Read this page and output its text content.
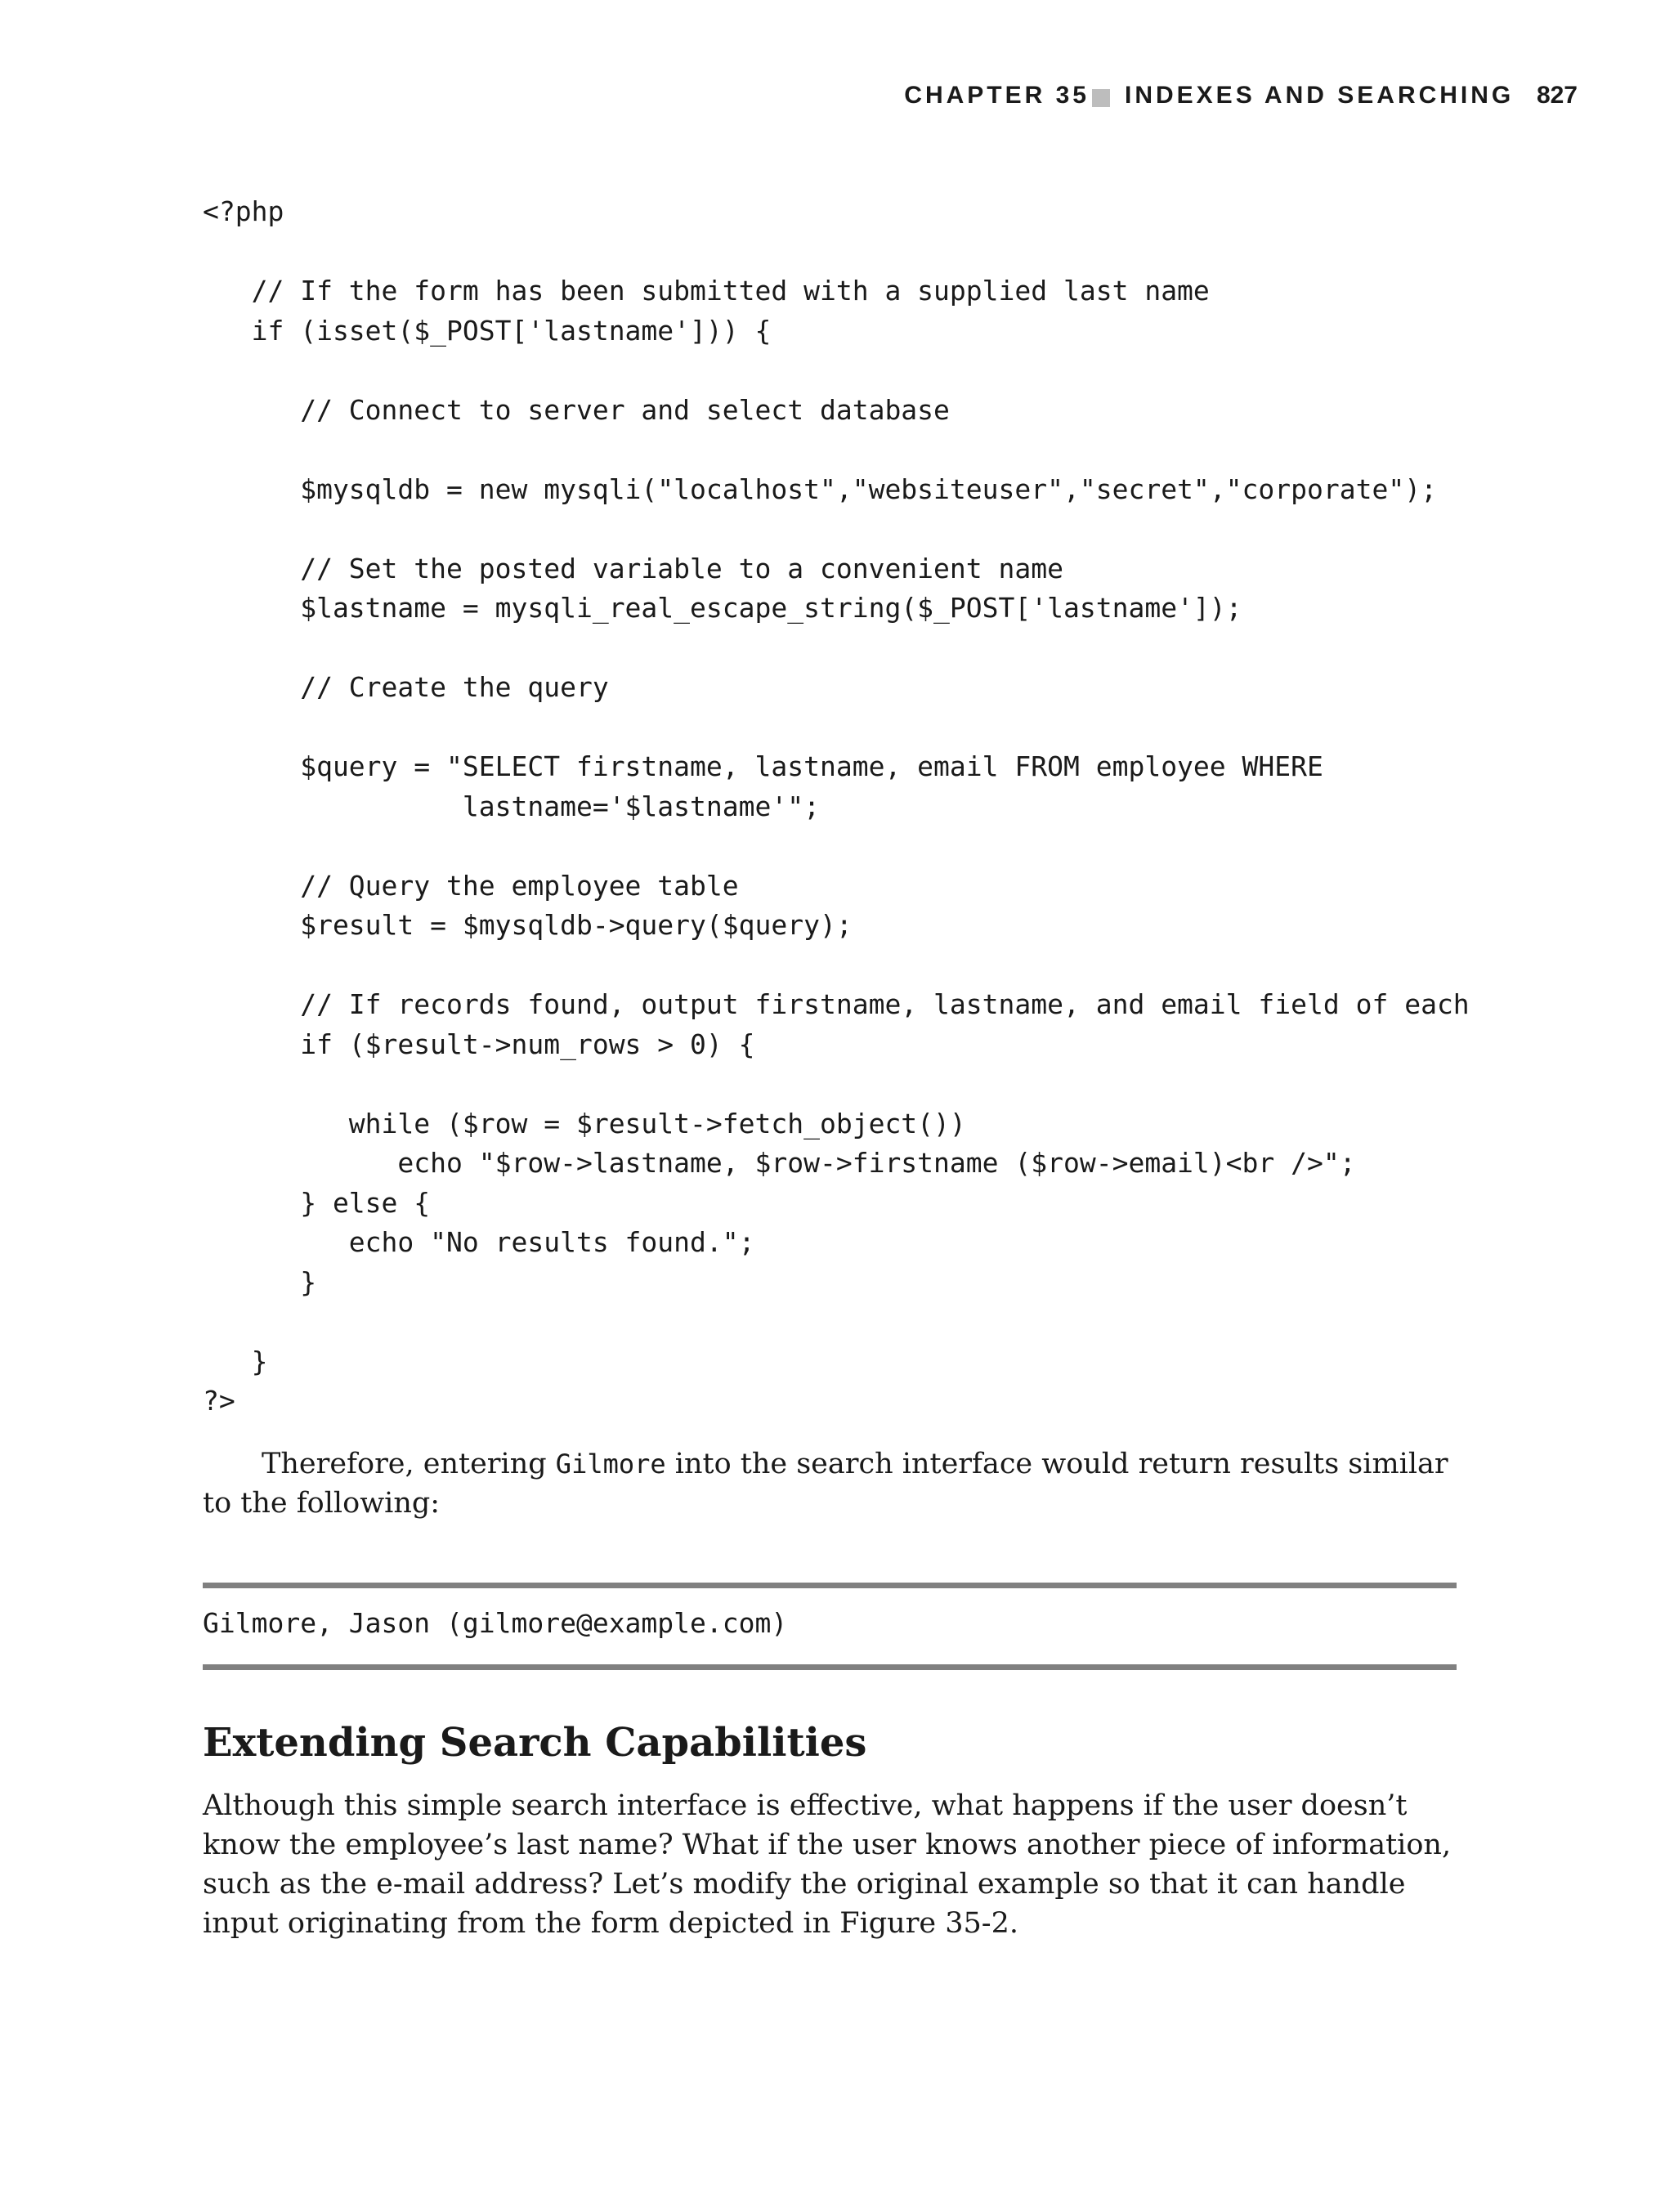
CHAPTER 35 INDEXES AND SEARCHING 827
<?php
// If the form has been submitted with a supplied last name
if (isset($_POST['lastname'])) {
// Connect to server and select database
$mysqldb = new mysqli("localhost","websiteuser","secret","corporate");
// Set the posted variable to a convenient name
$lastname = mysqli_real_escape_string($_POST['lastname']);
// Create the query
$query = "SELECT firstname, lastname, email FROM employee WHERE
lastname='$lastname'";
// Query the employee table
$result = $mysqldb->query($query);
// If records found, output firstname, lastname, and email field of each
if ($result->num_rows > 0) {
while ($row = $result->fetch_object())
echo "$row->lastname, $row->firstname ($row->email)<br />";
} else {
echo "No results found.";
}
}
?>

Therefore, entering Gilmore into the search interface would return results similar to the following:

Gilmore, Jason (gilmore@example.com)
Extending Search Capabilities

Although this simple search interface is effective, what happens if the user doesn’t know the employee’s last name? What if the user knows another piece of information, such as the e-mail address? Let’s modify the original example so that it can handle input originating from the form depicted in Figure 35-2.
